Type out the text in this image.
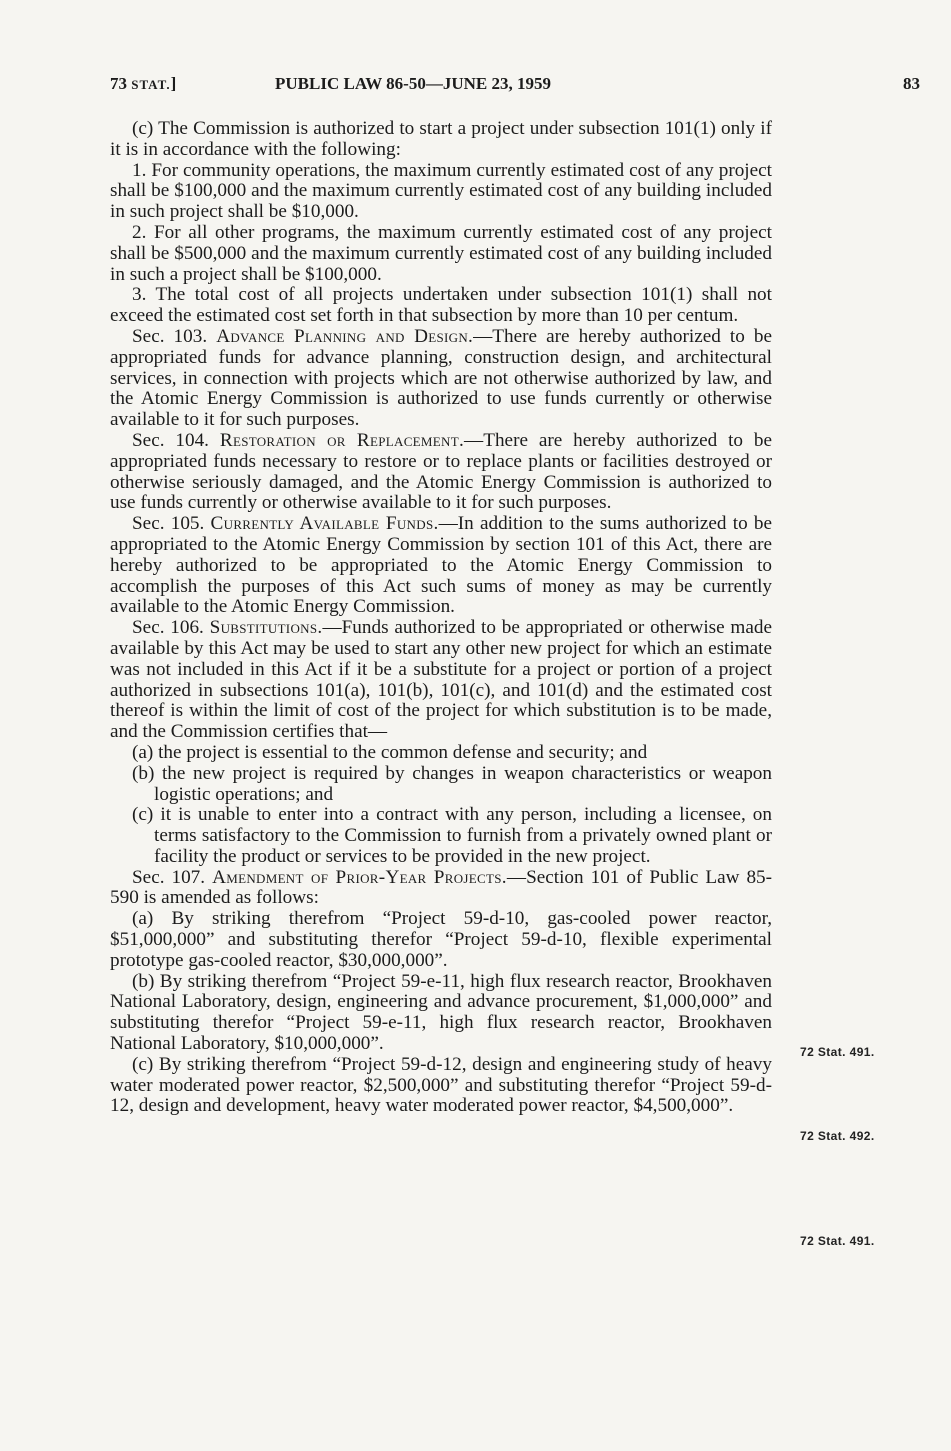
73 STAT.]	PUBLIC LAW 86-50—JUNE 23, 1959	83

(c) The Commission is authorized to start a project under subsection 101(1) only if it is in accordance with the following:

1. For community operations, the maximum currently estimated cost of any project shall be $100,000 and the maximum currently estimated cost of any building included in such project shall be $10,000.

2. For all other programs, the maximum currently estimated cost of any project shall be $500,000 and the maximum currently estimated cost of any building included in such a project shall be $100,000.

3. The total cost of all projects undertaken under subsection 101(1) shall not exceed the estimated cost set forth in that subsection by more than 10 per centum.

Sec. 103. Advance Planning and Design.—There are hereby authorized to be appropriated funds for advance planning, construction design, and architectural services, in connection with projects which are not otherwise authorized by law, and the Atomic Energy Commission is authorized to use funds currently or otherwise available to it for such purposes.

Sec. 104. Restoration or Replacement.—There are hereby authorized to be appropriated funds necessary to restore or to replace plants or facilities destroyed or otherwise seriously damaged, and the Atomic Energy Commission is authorized to use funds currently or otherwise available to it for such purposes.

Sec. 105. Currently Available Funds.—In addition to the sums authorized to be appropriated to the Atomic Energy Commission by section 101 of this Act, there are hereby authorized to be appropriated to the Atomic Energy Commission to accomplish the purposes of this Act such sums of money as may be currently available to the Atomic Energy Commission.

Sec. 106. Substitutions.—Funds authorized to be appropriated or otherwise made available by this Act may be used to start any other new project for which an estimate was not included in this Act if it be a substitute for a project or portion of a project authorized in subsections 101(a), 101(b), 101(c), and 101(d) and the estimated cost thereof is within the limit of cost of the project for which substitution is to be made, and the Commission certifies that—

(a) the project is essential to the common defense and security; and

(b) the new project is required by changes in weapon characteristics or weapon logistic operations; and

(c) it is unable to enter into a contract with any person, including a licensee, on terms satisfactory to the Commission to furnish from a privately owned plant or facility the product or services to be provided in the new project.

Sec. 107. Amendment of Prior-Year Projects.—Section 101 of Public Law 85-590 is amended as follows:

(a) By striking therefrom “Project 59-d-10, gas-cooled power reactor, $51,000,000” and substituting therefor “Project 59-d-10, flexible experimental prototype gas-cooled reactor, $30,000,000”.

(b) By striking therefrom “Project 59-e-11, high flux research reactor, Brookhaven National Laboratory, design, engineering and advance procurement, $1,000,000” and substituting therefor “Project 59-e-11, high flux research reactor, Brookhaven National Laboratory, $10,000,000”.

(c) By striking therefrom “Project 59-d-12, design and engineering study of heavy water moderated power reactor, $2,500,000” and substituting therefor “Project 59-d-12, design and development, heavy water moderated power reactor, $4,500,000”.

72 Stat. 491.
72 Stat. 492.
72 Stat. 491.
